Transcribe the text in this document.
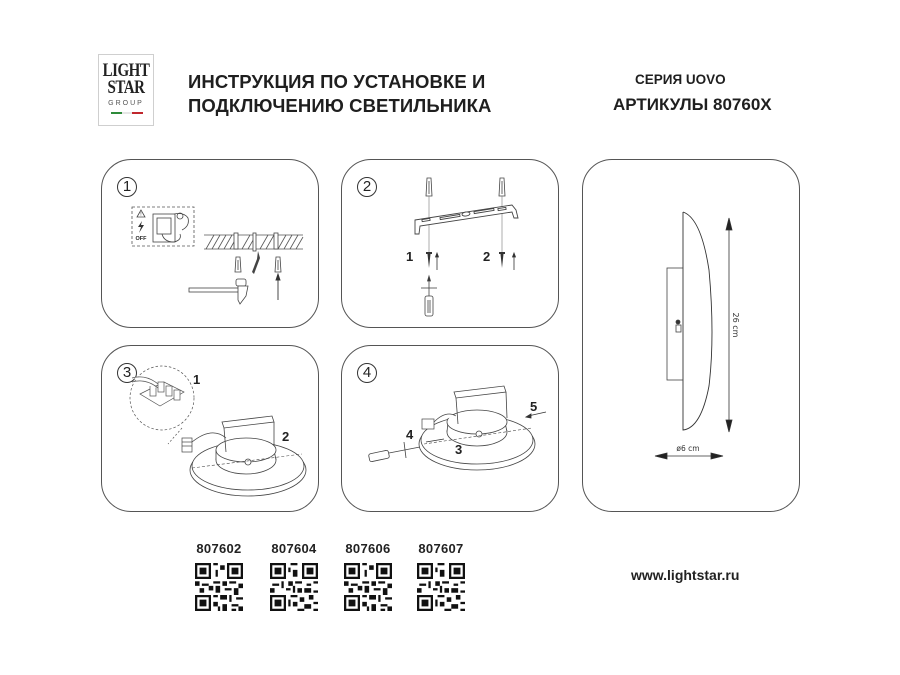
LIGHT
STAR
GROUP
ИНСТРУКЦИЯ ПО УСТАНОВКЕ И
ПОДКЛЮЧЕНИЮ СВЕТИЛЬНИКА
СЕРИЯ UOVO
АРТИКУЛЫ 80760X
1
!
OFF
2
1	2
3	1
2
4
4
3
5
26 cm
ø6 cm
807602	807604	807606	807607
www.lightstar.ru
